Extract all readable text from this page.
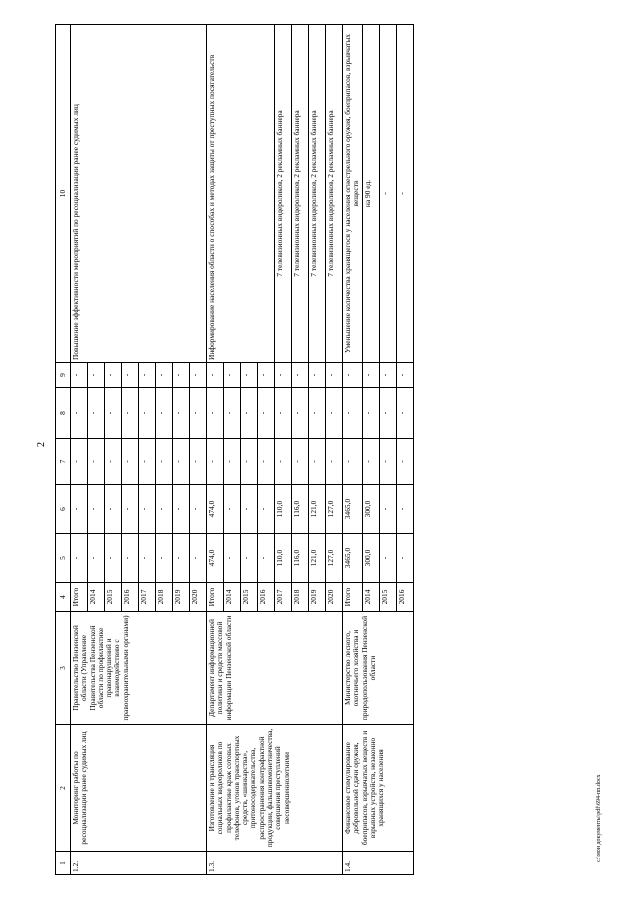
2
1	2	3	4	5	6	7	8	9	10
1.2.	Мониторинг работы по ресоциализации ранее судимых лиц	Правительство Пензенской области (Управление Правительства Пензенской области по профилактике правонарушений и взаимодействию с правоохранительными органами)	Итого	-	-	-	-	-	Повышение эффективности мероприятий по ресоциализации ранее судимых лиц
			2014	-	-	-	-	-	
			2015	-	-	-	-	-	
			2016	-	-	-	-	-	
			2017	-	-	-	-	-	
			2018	-	-	-	-	-	
			2019	-	-	-	-	-	
			2020	-	-	-	-	-	
1.3.	Изготовление и трансляция социальных видеороликов по профилактике краж сотовых телефонов, угонов транспортных средств, «шинкарства», притоносодержательства, распространения контрафактной продукции, фальшивомонетничества, совершения преступлений несовершеннолетними	Департамент информационной политики и средств массовой информации Пензенской области	Итого	474,0	474,0	-	-	-	Информирование населения области о способах и методах защиты от преступных посягательств
			2014	-	-	-	-	-	
			2015	-	-	-	-	-	
			2016	-	-	-	-	-	
			2017	110,0	110,0	-	-	-	7 телевизионных видероликов, 2 рекламных баннера
			2018	116,0	116,0	-	-	-	7 телевизионных видероликов, 2 рекламных баннера
			2019	121,0	121,0	-	-	-	7 телевизионных видероликов, 2 рекламных баннера
			2020	127,0	127,0	-	-	-	7 телевизионных видероликов, 2 рекламных баннера
1.4.	Финансовое стимулирование добровольной сдачи оружия, боеприпасов, взрывчатых веществ и взрывных устройств, незаконно хранящихся у населения	Министерство лесного, охотничьего хозяйства и природопользования Пензенской области	Итого	3465,0	3465,0	-	-	-	Уменьшение количества хранящегося у населения огнестрельного оружия, боеприпасов, взрывчатых веществ
			2014	300,0	300,0	-	-	-	на 90 ед.
			2015	-	-	-	-	-	-
			2016	-	-	-	-	-	-
c:\мои документы\pdf\694-пп.docx
